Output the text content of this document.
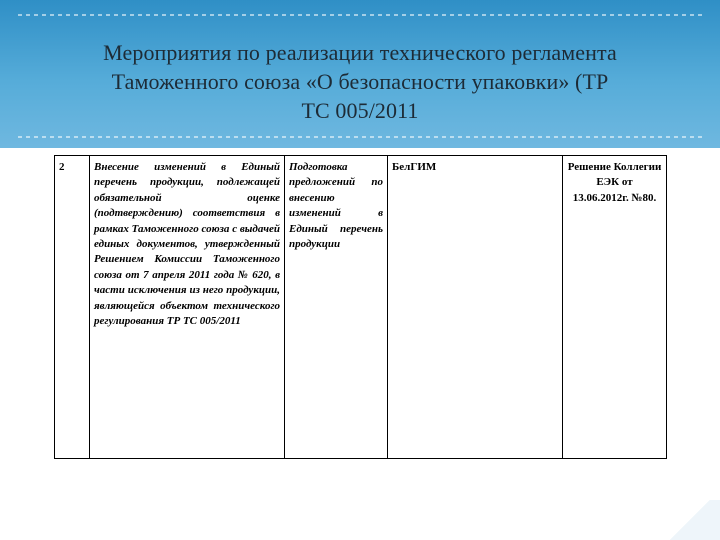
Мероприятия по реализации технического регламента
Таможенного союза «О безопасности упаковки» (ТР
ТС 005/2011
2	Внесение изменений в Единый перечень продукции, подлежащей обязательной оценке (подтверждению) соответствия в рамках Таможенного союза с выдачей единых документов, утвержденный Решением Комиссии Таможенного союза от 7 апреля 2011 года № 620, в части исключения из него продукции, являющейся объектом технического регулирования ТР ТС 005/2011	Подготовка предложений по внесению изменений в Единый перечень продукции	БелГИМ	Решение Коллегии ЕЭК от 13.06.2012г. №80.
